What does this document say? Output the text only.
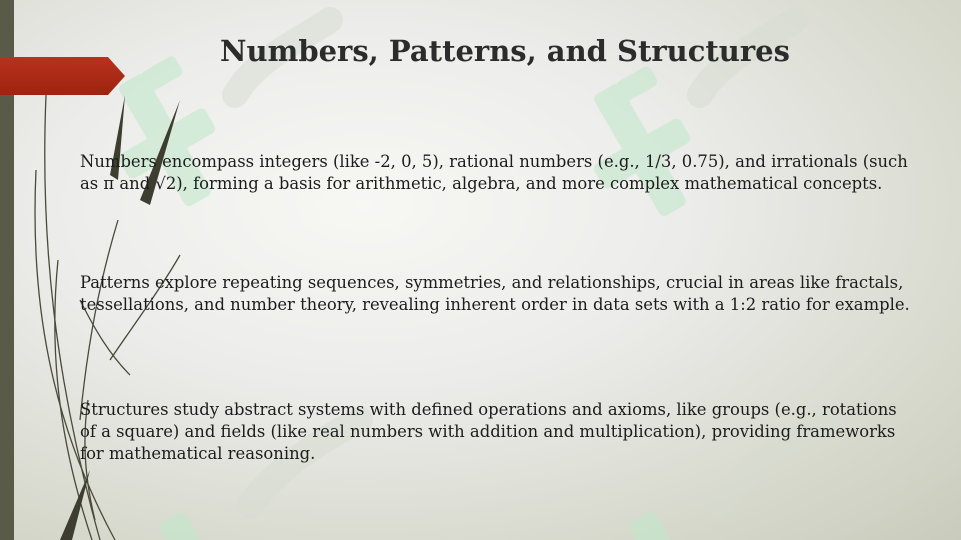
Numbers, Patterns, and Structures

Numbers encompass integers (like -2, 0, 5), rational numbers (e.g., 1/3, 0.75), and irrationals (such as π and √2), forming a basis for arithmetic, algebra, and more complex mathematical concepts.

Patterns explore repeating sequences, symmetries, and relationships, crucial in areas like fractals, tessellations, and number theory, revealing inherent order in data sets with a 1:2 ratio for example.

Structures study abstract systems with defined operations and axioms, like groups (e.g., rotations of a square) and fields (like real numbers with addition and multiplication), providing frameworks for mathematical reasoning.
